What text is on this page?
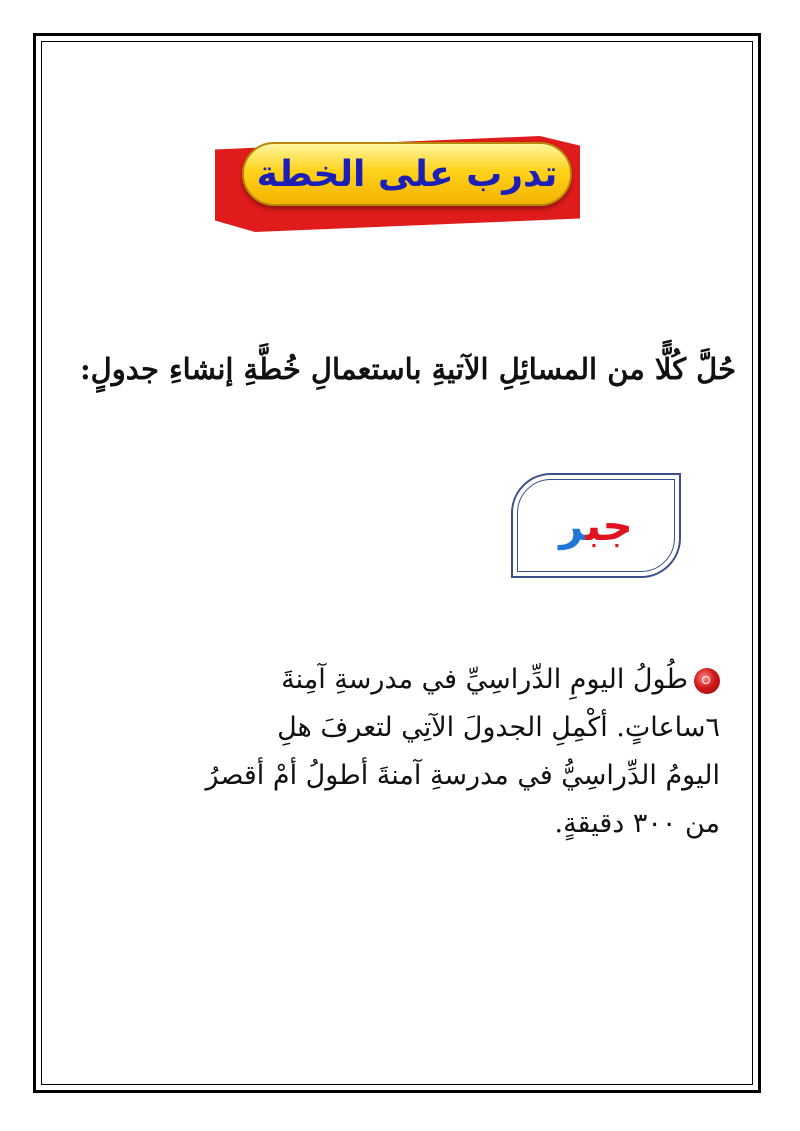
تدرب على الخطة
حُلَّ كُلًّا من المسائِلِ الآتيةِ باستعمالِ خُطَّةِ إنشاءِ جدولٍ:
جبر
طُولُ اليومِ الدِّراسِيِّ في مدرسةِ آمِنةَ
٦ساعاتٍ. أكْمِلِ الجدولَ الآتِي لتعرفَ هلِ
اليومُ الدِّراسِيُّ في مدرسةِ آمنةَ أطولُ أمْ أقصرُ
من ٣٠٠ دقيقةٍ.
